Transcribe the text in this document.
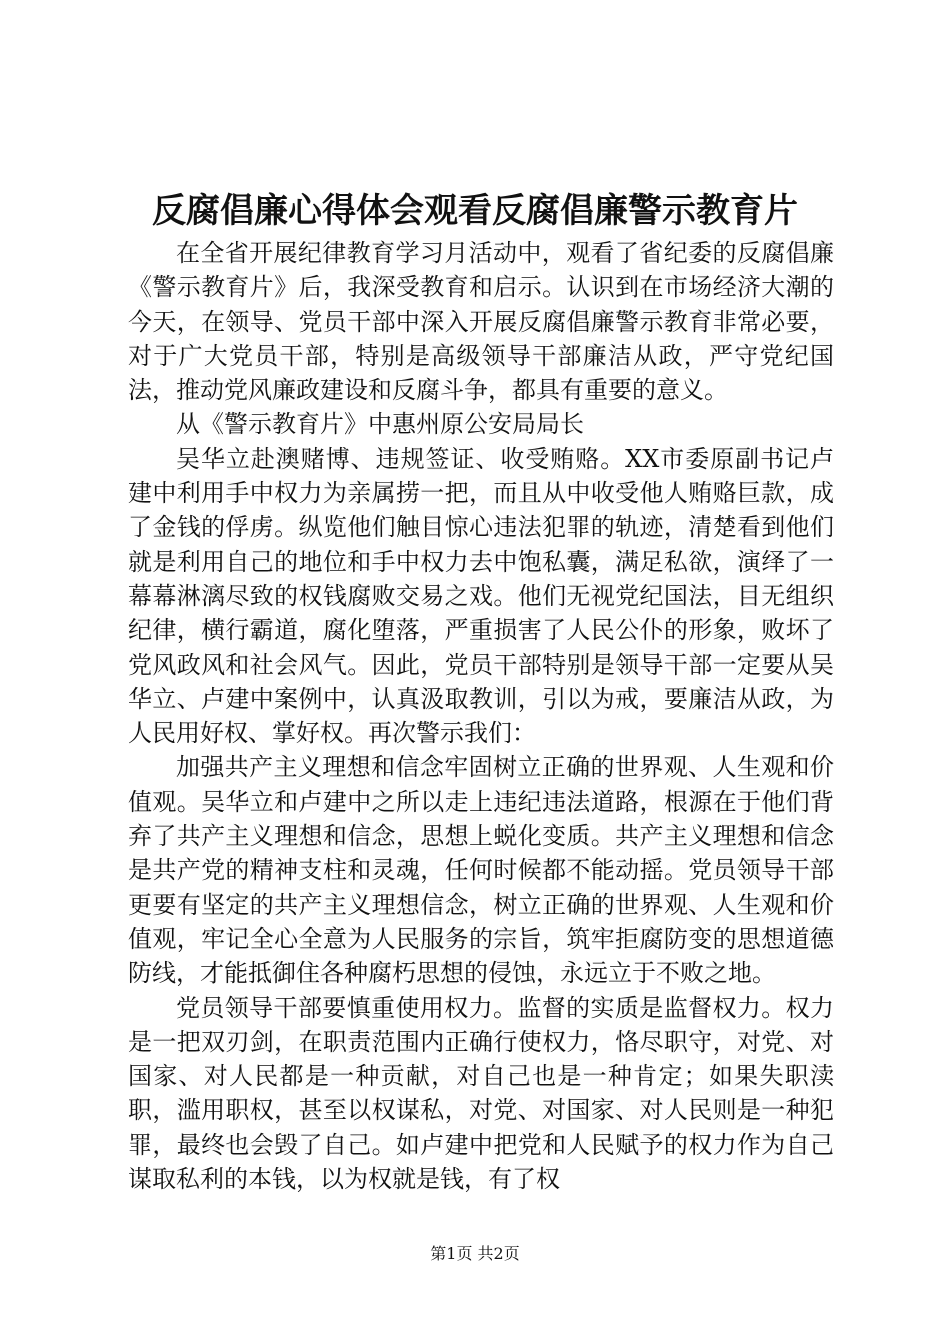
反腐倡廉心得体会观看反腐倡廉警示教育片

在全省开展纪律教育学习月活动中，观看了省纪委的反腐倡廉《警示教育片》后，我深受教育和启示。认识到在市场经济大潮的今天，在领导、党员干部中深入开展反腐倡廉警示教育非常必要，对于广大党员干部，特别是高级领导干部廉洁从政，严守党纪国法，推动党风廉政建设和反腐斗争，都具有重要的意义。

从《警示教育片》中惠州原公安局局长

吴华立赴澳赌博、违规签证、收受贿赂。XX市委原副书记卢建中利用手中权力为亲属捞一把，而且从中收受他人贿赂巨款，成了金钱的俘虏。纵览他们触目惊心违法犯罪的轨迹，清楚看到他们就是利用自己的地位和手中权力去中饱私囊，满足私欲，演绎了一幕幕淋漓尽致的权钱腐败交易之戏。他们无视党纪国法，目无组织纪律，横行霸道，腐化堕落，严重损害了人民公仆的形象，败坏了党风政风和社会风气。因此，党员干部特别是领导干部一定要从吴华立、卢建中案例中，认真汲取教训，引以为戒，要廉洁从政，为人民用好权、掌好权。再次警示我们：

加强共产主义理想和信念牢固树立正确的世界观、人生观和价值观。吴华立和卢建中之所以走上违纪违法道路，根源在于他们背弃了共产主义理想和信念，思想上蜕化变质。共产主义理想和信念是共产党的精神支柱和灵魂，任何时候都不能动摇。党员领导干部更要有坚定的共产主义理想信念，树立正确的世界观、人生观和价值观，牢记全心全意为人民服务的宗旨，筑牢拒腐防变的思想道德防线，才能抵御住各种腐朽思想的侵蚀，永远立于不败之地。

党员领导干部要慎重使用权力。监督的实质是监督权力。权力是一把双刃剑，在职责范围内正确行使权力，恪尽职守，对党、对国家、对人民都是一种贡献，对自己也是一种肯定；如果失职渎职，滥用职权，甚至以权谋私，对党、对国家、对人民则是一种犯罪，最终也会毁了自己。如卢建中把党和人民赋予的权力作为自己谋取私利的本钱，以为权就是钱，有了权

第1页 共2页
